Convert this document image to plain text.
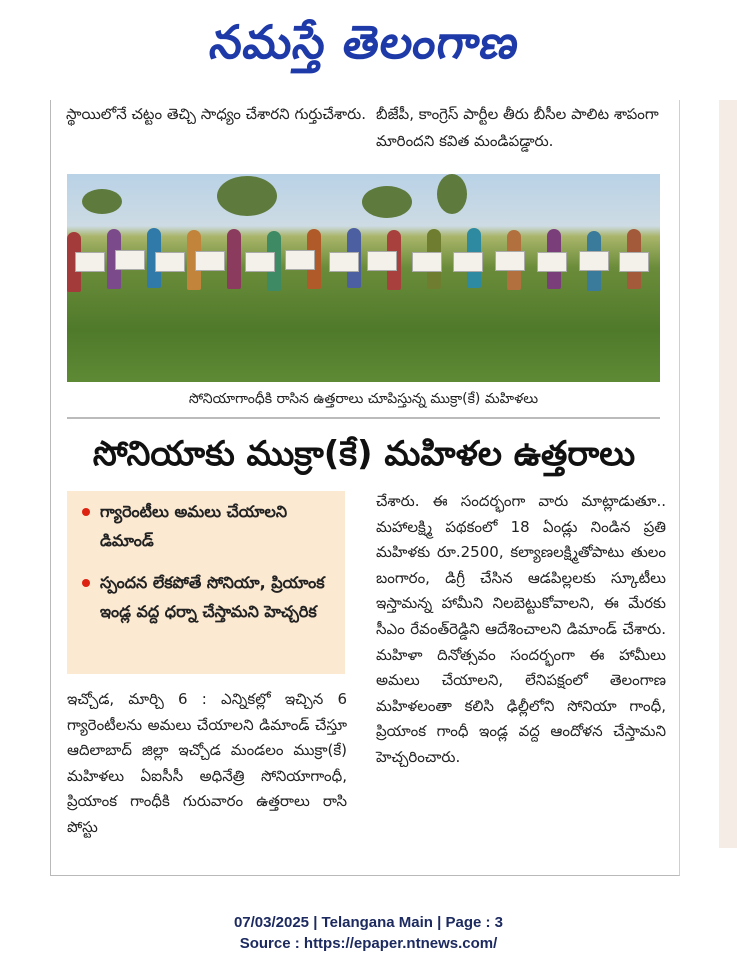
నమస్తే తెలంగాణ
స్థాయిలోనే చట్టం తెచ్చి సాధ్యం చేశారని గుర్తుచేశారు. బీజేపీ, కాంగ్రెస్ పార్టీల తీరు బీసీల పాలిట శాపంగా మారిందని కవిత మండిపడ్డారు.
సోనియాగాంధీకి రాసిన ఉత్తరాలు చూపిస్తున్న ముక్రా(కే) మహిళలు
సోనియాకు ముక్రా(కే) మహిళల ఉత్తరాలు
గ్యారెంటీలు అమలు చేయాలని డిమాండ్
స్పందన లేకపోతే సోనియా, ప్రియాంక ఇండ్ల వద్ద ధర్నా చేస్తామని హెచ్చరిక
ఇచ్చోడ, మార్చి 6 : ఎన్నికల్లో ఇచ్చిన 6 గ్యారెంటీలను అమలు చేయాలని డిమాండ్ చేస్తూ ఆదిలాబాద్ జిల్లా ఇచ్చోడ మండలం ముక్రా(కే) మహిళలు ఏఐసీసీ అధినేత్రి సోనియాగాంధీ, ప్రియాంక గాంధీకి గురువారం ఉత్తరాలు రాసి పోస్టు
చేశారు. ఈ సందర్భంగా వారు మాట్లాడుతూ.. మహాలక్ష్మి పథకంలో 18 ఏండ్లు నిండిన ప్రతి మహిళకు రూ.2500, కల్యాణలక్ష్మితోపాటు తులం బంగారం, డిగ్రీ చేసిన ఆడపిల్లలకు స్కూటీలు ఇస్తామన్న హామీని నిలబెట్టుకోవాలని, ఈ మేరకు సీఎం రేవంత్‌రెడ్డిని ఆదేశించాలని డిమాండ్ చేశారు. మహిళా దినోత్సవం సందర్భంగా ఈ హామీలు అమలు చేయాలని, లేనిపక్షంలో తెలంగాణ మహిళలంతా కలిసి ఢిల్లీలోని సోనియా గాంధీ, ప్రియాంక గాంధీ ఇండ్ల వద్ద ఆందోళన చేస్తామని హెచ్చరించారు.
07/03/2025 | Telangana Main | Page : 3
Source : https://epaper.ntnews.com/
